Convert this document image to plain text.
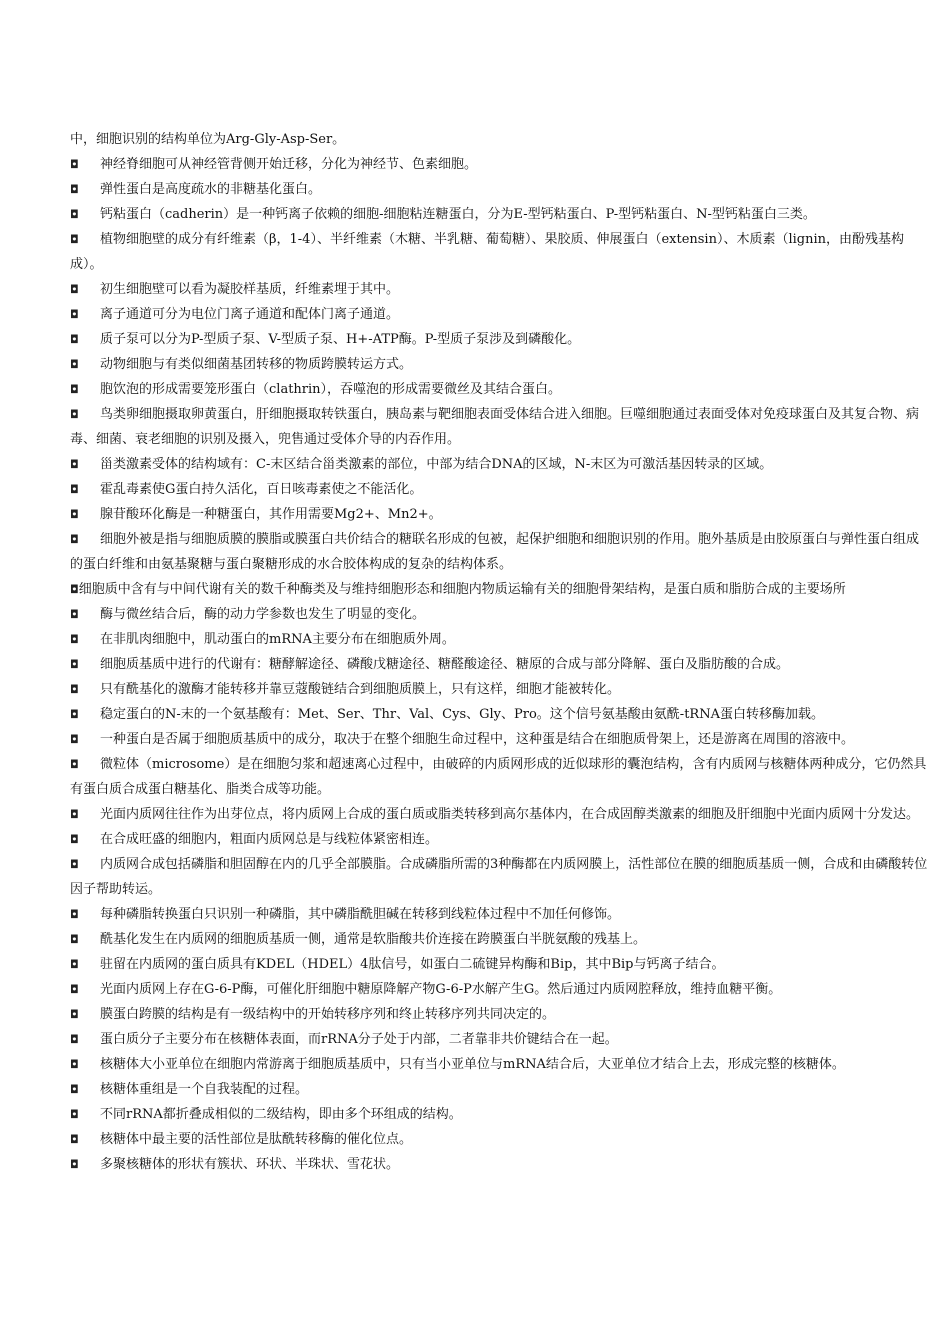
中，细胞识别的结构单位为Arg-Gly-Asp-Ser。

◘ 神经脊细胞可从神经管背侧开始迁移，分化为神经节、色素细胞。

◘ 弹性蛋白是高度疏水的非糖基化蛋白。

◘ 钙粘蛋白（cadherin）是一种钙离子依赖的细胞-细胞粘连糖蛋白，分为E-型钙粘蛋白、P-型钙粘蛋白、N-型钙粘蛋白三类。

◘ 植物细胞壁的成分有纤维素（β，1-4）、半纤维素（木糖、半乳糖、葡萄糖）、果胶质、伸展蛋白（extensin）、木质素（lignin，由酚残基构成）。

◘ 初生细胞壁可以看为凝胶样基质，纤维素埋于其中。

◘ 离子通道可分为电位门离子通道和配体门离子通道。

◘ 质子泵可以分为P-型质子泵、V-型质子泵、H+-ATP酶。P-型质子泵涉及到磷酸化。

◘ 动物细胞与有类似细菌基团转移的物质跨膜转运方式。

◘ 胞饮泡的形成需要笼形蛋白（clathrin），吞噬泡的形成需要微丝及其结合蛋白。

◘ 鸟类卵细胞摄取卵黄蛋白，肝细胞摄取转铁蛋白，胰岛素与靶细胞表面受体结合进入细胞。巨噬细胞通过表面受体对免疫球蛋白及其复合物、病毒、细菌、衰老细胞的识别及摄入，兜售通过受体介导的内吞作用。

◘ 甾类激素受体的结构域有：C-末区结合甾类激素的部位，中部为结合DNA的区域，N-末区为可激活基因转录的区域。

◘ 霍乱毒素使G蛋白持久活化，百日咳毒素使之不能活化。

◘ 腺苷酸环化酶是一种糖蛋白，其作用需要Mg2+、Mn2+。

◘ 细胞外被是指与细胞质膜的膜脂或膜蛋白共价结合的糖联名形成的包被，起保护细胞和细胞识别的作用。胞外基质是由胶原蛋白与弹性蛋白组成的蛋白纤维和由氨基聚糖与蛋白聚糖形成的水合胶体构成的复杂的结构体系。

◘细胞质中含有与中间代谢有关的数千种酶类及与维持细胞形态和细胞内物质运输有关的细胞骨架结构，是蛋白质和脂肪合成的主要场所

◘ 酶与微丝结合后，酶的动力学参数也发生了明显的变化。

◘ 在非肌肉细胞中，肌动蛋白的mRNA主要分布在细胞质外周。

◘ 细胞质基质中进行的代谢有：糖酵解途径、磷酸戊糖途径、糖醛酸途径、糖原的合成与部分降解、蛋白及脂肪酸的合成。

◘ 只有酰基化的激酶才能转移并靠豆蔻酸链结合到细胞质膜上，只有这样，细胞才能被转化。

◘ 稳定蛋白的N-末的一个氨基酸有：Met、Ser、Thr、Val、Cys、Gly、Pro。这个信号氨基酸由氨酰-tRNA蛋白转移酶加载。

◘ 一种蛋白是否属于细胞质基质中的成分，取决于在整个细胞生命过程中，这种蛋是结合在细胞质骨架上，还是游离在周围的溶液中。

◘ 微粒体（microsome）是在细胞匀浆和超速离心过程中，由破碎的内质网形成的近似球形的囊泡结构，含有内质网与核糖体两种成分，它仍然具有蛋白质合成蛋白糖基化、脂类合成等功能。

◘ 光面内质网往往作为出芽位点，将内质网上合成的蛋白质或脂类转移到高尔基体内，在合成固醇类激素的细胞及肝细胞中光面内质网十分发达。

◘ 在合成旺盛的细胞内，粗面内质网总是与线粒体紧密相连。

◘ 内质网合成包括磷脂和胆固醇在内的几乎全部膜脂。合成磷脂所需的3种酶都在内质网膜上，活性部位在膜的细胞质基质一侧，合成和由磷酸转位因子帮助转运。

◘ 每种磷脂转换蛋白只识别一种磷脂，其中磷脂酰胆碱在转移到线粒体过程中不加任何修饰。

◘ 酰基化发生在内质网的细胞质基质一侧，通常是软脂酸共价连接在跨膜蛋白半胱氨酸的残基上。

◘ 驻留在内质网的蛋白质具有KDEL（HDEL）4肽信号，如蛋白二硫键异构酶和Bip，其中Bip与钙离子结合。

◘ 光面内质网上存在G-6-P酶，可催化肝细胞中糖原降解产物G-6-P水解产生G。然后通过内质网腔释放，维持血糖平衡。

◘ 膜蛋白跨膜的结构是有一级结构中的开始转移序列和终止转移序列共同决定的。

◘ 蛋白质分子主要分布在核糖体表面，而rRNA分子处于内部，二者靠非共价键结合在一起。

◘ 核糖体大小亚单位在细胞内常游离于细胞质基质中，只有当小亚单位与mRNA结合后，大亚单位才结合上去，形成完整的核糖体。

◘ 核糖体重组是一个自我装配的过程。

◘ 不同rRNA都折叠成相似的二级结构，即由多个环组成的结构。

◘ 核糖体中最主要的活性部位是肽酰转移酶的催化位点。

◘ 多聚核糖体的形状有簇状、环状、半珠状、雪花状。
